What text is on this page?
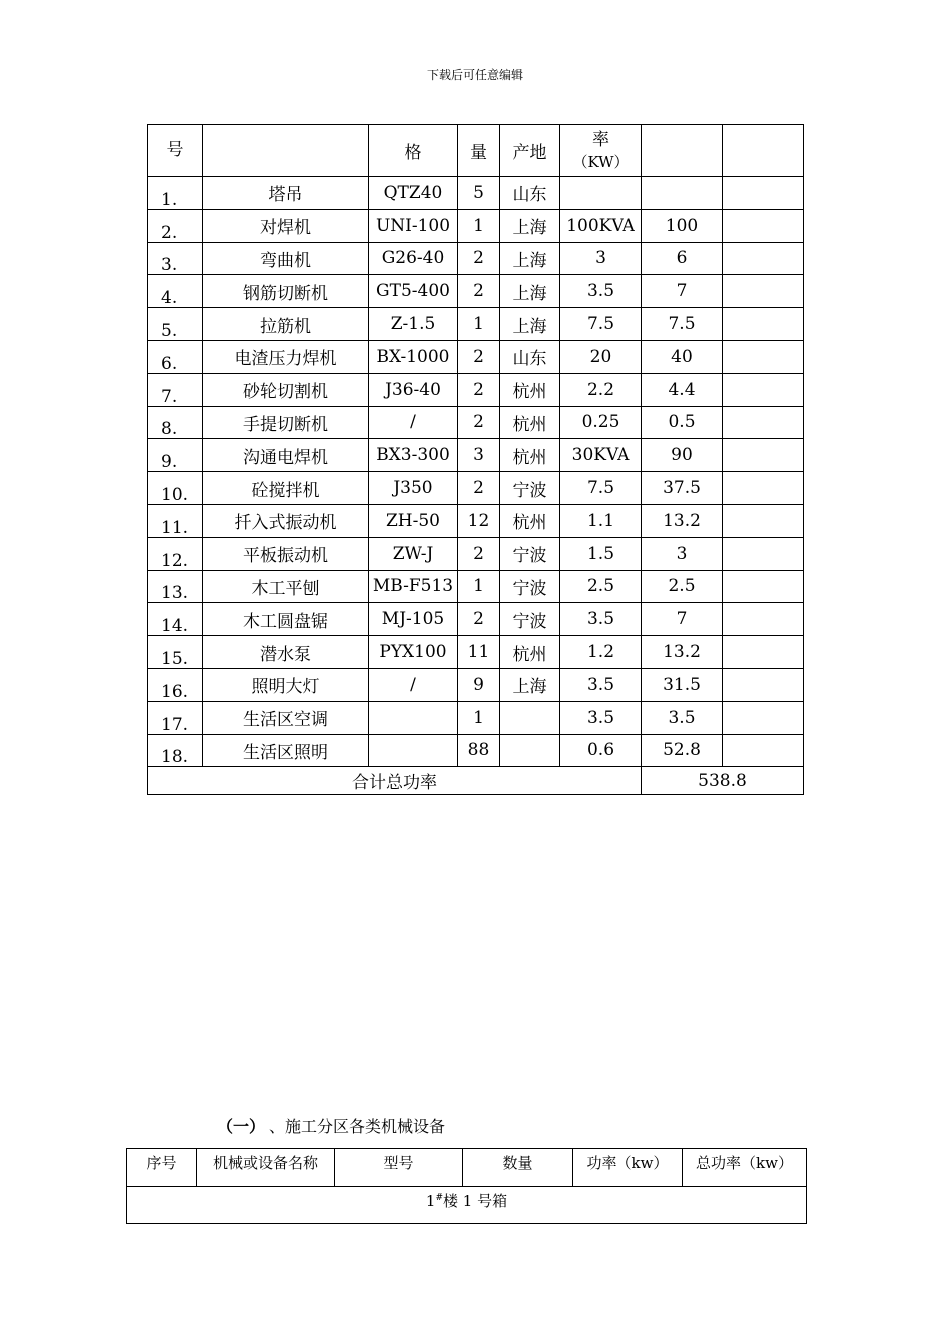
下载后可任意编辑
号		格	量	产地	率
（KW）		

1.	塔吊	QTZ40	5	山东			
2.	对焊机	UNI-100	1	上海	100KVA	100	
3.	弯曲机	G26-40	2	上海	3	6	
4.	钢筋切断机	GT5-400	2	上海	3.5	7	
5.	拉筋机	Z-1.5	1	上海	7.5	7.5	
6.	电渣压力焊机	BX-1000	2	山东	20	40	
7.	砂轮切割机	J36-40	2	杭州	2.2	4.4	
8.	手提切断机	/	2	杭州	0.25	0.5	
9.	沟通电焊机	BX3-300	3	杭州	30KVA	90	
10.	砼搅拌机	J350	2	宁波	7.5	37.5	
11.	扦入式振动机	ZH-50	12	杭州	1.1	13.2	
12.	平板振动机	ZW-J	2	宁波	1.5	3	
13.	木工平刨	MB-F513	1	宁波	2.5	2.5	
14.	木工圆盘锯	MJ-105	2	宁波	3.5	7	
15.	潜水泵	PYX100	11	杭州	1.2	13.2	
16.	照明大灯	/	9	上海	3.5	31.5	
17.	生活区空调		1		3.5	3.5	
18.	生活区照明		88		0.6	52.8	
合计总功率						538.8	
（一） 、施工分区各类机械设备
序号	机械或设备名称	型号	数量	功率（kw）	总功率（kw）
1#楼 1 号箱
